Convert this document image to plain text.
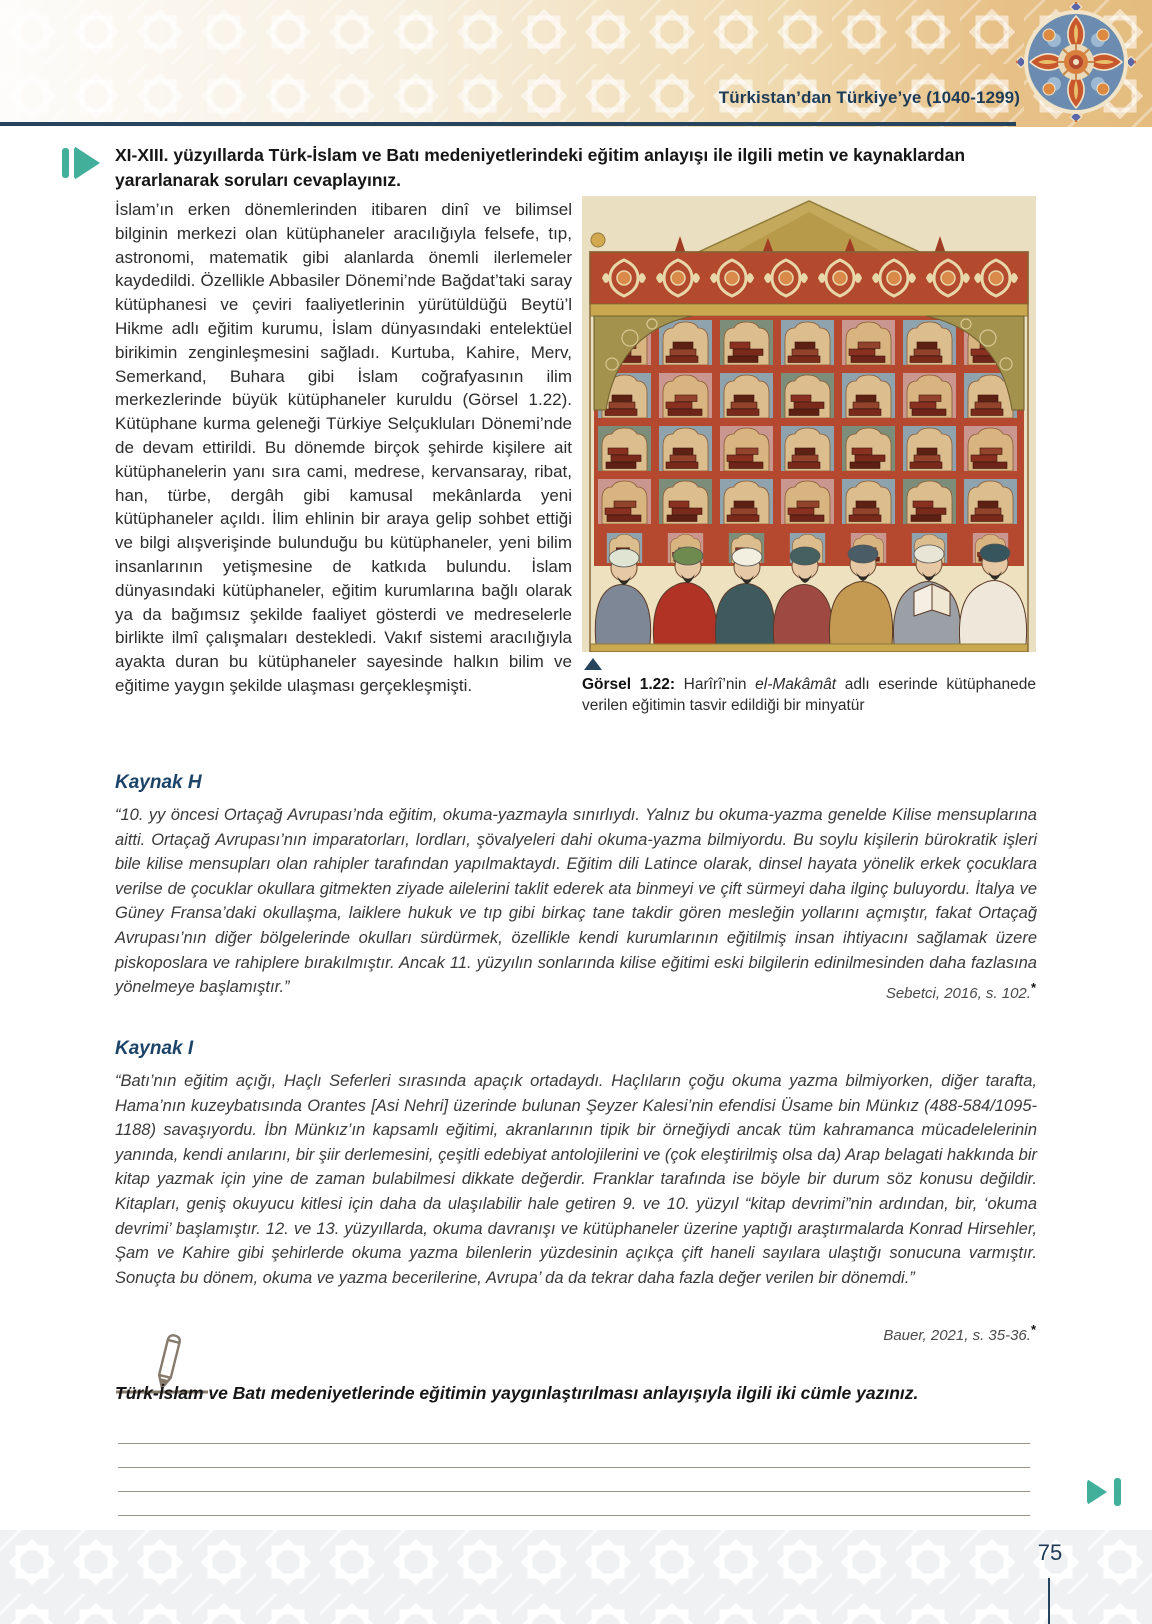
Türkistan’dan Türkiye’ye (1040-1299)
XI-XIII. yüzyıllarda Türk-İslam ve Batı medeniyetlerindeki eğitim anlayışı ile ilgili metin ve kaynaklardan yararlanarak soruları cevaplayınız.
İslam’ın erken dönemlerinden itibaren dinî ve bilimsel bilginin merkezi olan kütüphaneler aracılığıyla felsefe, tıp, astronomi, matematik gibi alanlarda önemli ilerlemeler kaydedildi. Özellikle Abbasiler Dönemi’nde Bağdat’taki saray kütüphanesi ve çeviri faaliyetlerinin yürütüldüğü Beytü’l Hikme adlı eğitim kurumu, İslam dünyasındaki entelektüel birikimin zenginleşmesini sağladı. Kurtuba, Kahire, Merv, Semerkand, Buhara gibi İslam coğrafyasının ilim merkezlerinde büyük kütüphaneler kuruldu (Görsel 1.22). Kütüphane kurma geleneği Türkiye Selçukluları Dönemi’nde de devam ettirildi. Bu dönemde birçok şehirde kişilere ait kütüphanelerin yanı sıra cami, medrese, kervansaray, ribat, han, türbe, dergâh gibi kamusal mekânlarda yeni kütüphaneler açıldı. İlim ehlinin bir araya gelip sohbet ettiği ve bilgi alışverişinde bulunduğu bu kütüphaneler, yeni bilim insanlarının yetişmesine de katkıda bulundu. İslam dünyasındaki kütüphaneler, eğitim kurumlarına bağlı olarak ya da bağımsız şekilde faaliyet gösterdi ve medreselerle birlikte ilmî çalışmaları destekledi. Vakıf sistemi aracılığıyla ayakta duran bu kütüphaneler sayesinde halkın bilim ve eğitime yaygın şekilde ulaşması gerçekleşmişti.	Görsel 1.22: Harîrî’nin el-Makâmât adlı eserinde kütüphanede verilen eğitimin tasvir edildiği bir minyatür
Kaynak H
“10. yy öncesi Ortaçağ Avrupası’nda eğitim, okuma-yazmayla sınırlıydı. Yalnız bu okuma-yazma genelde Kilise mensuplarına aitti. Ortaçağ Avrupası’nın imparatorları, lordları, şövalyeleri dahi okuma-yazma bilmiyordu. Bu soylu kişilerin bürokratik işleri bile kilise mensupları olan rahipler tarafından yapılmaktaydı. Eğitim dili Latince olarak, dinsel hayata yönelik erkek çocuklara verilse de çocuklar okullara gitmekten ziyade ailelerini taklit ederek ata binmeyi ve çift sürmeyi daha ilginç buluyordu. İtalya ve Güney Fransa’daki okullaşma, laiklere hukuk ve tıp gibi birkaç tane takdir gören mesleğin yollarını açmıştır, fakat Ortaçağ Avrupası’nın diğer bölgelerinde okulları sürdürmek, özellikle kendi kurumlarının eğitilmiş insan ihtiyacını sağlamak üzere piskoposlara ve rahiplere bırakılmıştır. Ancak 11. yüzyılın sonlarında kilise eğitimi eski bilgilerin edinilmesinden daha fazlasına yönelmeye başlamıştır.”	Sebetci, 2016, s. 102.*
Kaynak I
“Batı’nın eğitim açığı, Haçlı Seferleri sırasında apaçık ortadaydı. Haçlıların çoğu okuma yazma bilmiyorken, diğer tarafta, Hama’nın kuzeybatısında Orantes [Asi Nehri] üzerinde bulunan Şeyzer Kalesi’nin efendisi Üsame bin Münkız (488-584/1095-1188) savaşıyordu. İbn Münkız’ın kapsamlı eğitimi, akranlarının tipik bir örneğiydi ancak tüm kahramanca mücadelelerinin yanında, kendi anılarını, bir şiir derlemesini, çeşitli edebiyat antolojilerini ve (çok eleştirilmiş olsa da) Arap belagati hakkında bir kitap yazmak için yine de zaman bulabilmesi dikkate değerdir. Franklar tarafında ise böyle bir durum söz konusu değildir. Kitapları, geniş okuyucu kitlesi için daha da ulaşılabilir hale getiren 9. ve 10. yüzyıl “kitap devrimi”nin ardından, bir, ‘okuma devrimi’ başlamıştır. 12. ve 13. yüzyıllarda, okuma davranışı ve kütüphaneler üzerine yaptığı araştırmalarda Konrad Hirsehler, Şam ve Kahire gibi şehirlerde okuma yazma bilenlerin yüzdesinin açıkça çift haneli sayılara ulaştığı sonucuna varmıştır. Sonuçta bu dönem, okuma ve yazma becerilerine, Avrupa’ da da tekrar daha fazla değer verilen bir dönemdi.”
Bauer, 2021, s. 35-36.*
Türk-İslam ve Batı medeniyetlerinde eğitimin yaygınlaştırılması anlayışıyla ilgili iki cümle yazınız.
75
